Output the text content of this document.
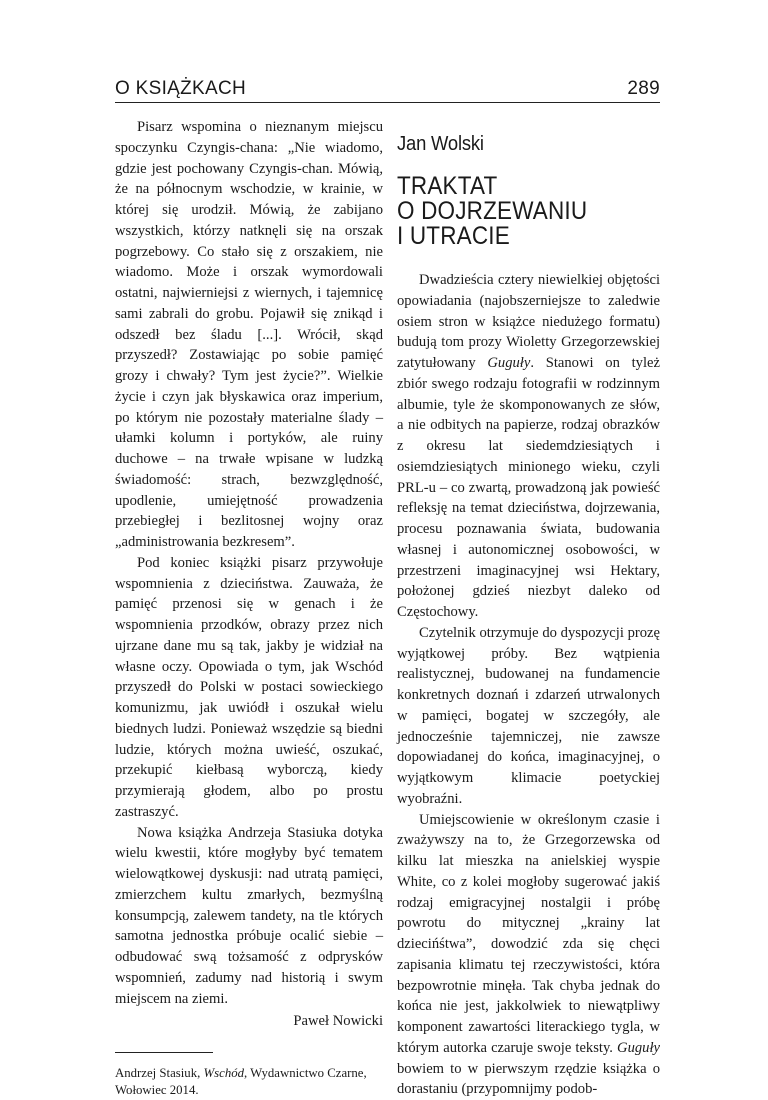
O KSIĄŻKACH	289

Pisarz wspomina o nieznanym miejscu spoczynku Czyngis-chana: „Nie wiadomo, gdzie jest pochowany Czyngis-chan. Mówią, że na północnym wschodzie, w krainie, w której się urodził. Mówią, że zabijano wszystkich, którzy natknęli się na orszak pogrzebowy. Co stało się z orszakiem, nie wiadomo. Może i orszak wymordowali ostatni, najwierniejsi z wiernych, i tajemnicę sami zabrali do grobu. Pojawił się znikąd i odszedł bez śladu [...]. Wrócił, skąd przyszedł? Zostawiając po sobie pamięć grozy i chwały? Tym jest życie?”. Wielkie życie i czyn jak błyskawica oraz imperium, po którym nie pozostały materialne ślady – ułamki kolumn i portyków, ale ruiny duchowe – na trwałe wpisane w ludzką świadomość: strach, bezwzględność, upodlenie, umiejętność prowadzenia przebiegłej i bezlitosnej wojny oraz „administrowania bezkresem”.

Pod koniec książki pisarz przywołuje wspomnienia z dzieciństwa. Zauważa, że pamięć przenosi się w genach i że wspomnienia przodków, obrazy przez nich ujrzane dane mu są tak, jakby je widział na własne oczy. Opowiada o tym, jak Wschód przyszedł do Polski w postaci sowieckiego komunizmu, jak uwiódł i oszukał wielu biednych ludzi. Ponieważ wszędzie są biedni ludzie, których można uwieść, oszukać, przekupić kiełbasą wyborczą, kiedy przymierają głodem, albo po prostu zastraszyć.

Nowa książka Andrzeja Stasiuka dotyka wielu kwestii, które mogłyby być tematem wielowątkowej dyskusji: nad utratą pamięci, zmierzchem kultu zmarłych, bezmyślną konsumpcją, zalewem tandety, na tle których samotna jednostka próbuje ocalić siebie – odbudować swą tożsamość z odprysków wspomnień, zadumy nad historią i swym miejscem na ziemi.

Paweł Nowicki
Andrzej Stasiuk, Wschód, Wydawnictwo Czarne, Wołowiec 2014.
Jan Wolski
TRAKTAT
O DOJRZEWANIU
I UTRACIE

Dwadzieścia cztery niewielkiej objętości opowiadania (najobszerniejsze to zaledwie osiem stron w książce niedużego formatu) budują tom prozy Wioletty Grzegorzewskiej zatytułowany Guguły. Stanowi on tyleż zbiór swego rodzaju fotografii w rodzinnym albumie, tyle że skomponowanych ze słów, a nie odbitych na papierze, rodzaj obrazków z okresu lat siedemdziesiątych i osiemdziesiątych minionego wieku, czyli PRL-u – co zwartą, prowadzoną jak powieść refleksję na temat dzieciństwa, dojrzewania, procesu poznawania świata, budowania własnej i autonomicznej osobowości, w przestrzeni imaginacyjnej wsi Hektary, położonej gdzieś niezbyt daleko od Częstochowy.

Czytelnik otrzymuje do dyspozycji prozę wyjątkowej próby. Bez wątpienia realistycznej, budowanej na fundamencie konkretnych doznań i zdarzeń utrwalonych w pamięci, bogatej w szczegóły, ale jednocześnie tajemniczej, nie zawsze dopowiadanej do końca, imaginacyjnej, o wyjątkowym klimacie poetyckiej wyobraźni.

Umiejscowienie w określonym czasie i zważywszy na to, że Grzegorzewska od kilku lat mieszka na anielskiej wyspie White, co z kolei mogłoby sugerować jakiś rodzaj emigracyjnej nostalgii i próbę powrotu do mitycznej „krainy lat dziecińśtwa”, dowodzić zda się chęci zapisania klimatu tej rzeczywistości, która bezpowrotnie minęła. Tak chyba jednak do końca nie jest, jakkolwiek to niewątpliwy komponent zawartości literackiego tygla, w którym autorka czaruje swoje teksty. Guguły bowiem to w pierwszym rzędzie książka o dorastaniu (przypomnijmy podob-
